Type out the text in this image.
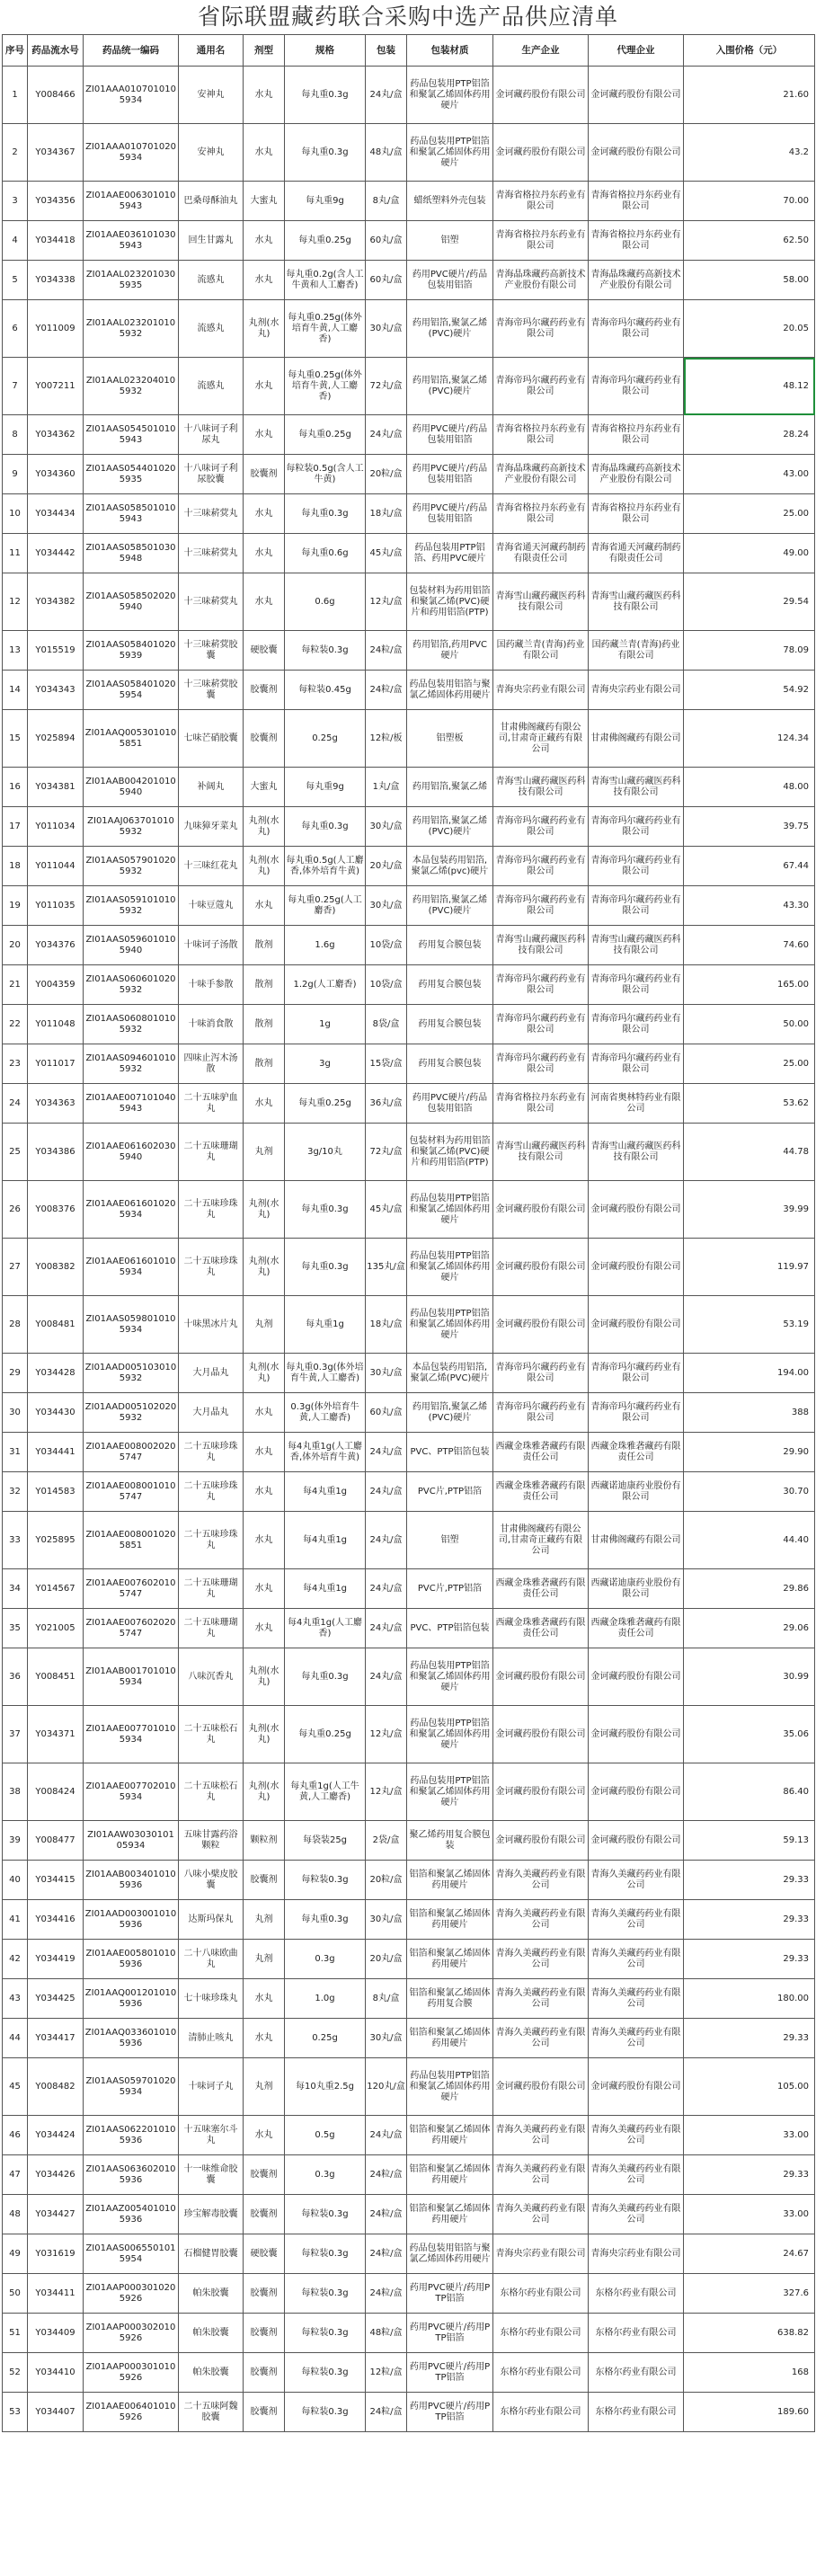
省际联盟藏药联合采购中选产品供应清单
序号	药品流水号	药品统一编码	通用名	剂型	规格	包装	包装材质	生产企业	代理企业	入围价格（元）
1	Y008466	ZI01AAA0107010105934	安神丸	水丸	每丸重0.3g	24丸/盒	药品包装用PTP铝箔和聚氯乙烯固体药用硬片	金诃藏药股份有限公司	金诃藏药股份有限公司	21.60
2	Y034367	ZI01AAA0107010205934	安神丸	水丸	每丸重0.3g	48丸/盒	药品包装用PTP铝箔和聚氯乙烯固体药用硬片	金诃藏药股份有限公司	金诃藏药股份有限公司	43.2
3	Y034356	ZI01AAE0063010105943	巴桑母酥油丸	大蜜丸	每丸重9g	8丸/盒	蜡纸塑料外壳包装	青海省格拉丹东药业有限公司	青海省格拉丹东药业有限公司	70.00
4	Y034418	ZI01AAE0361010305943	回生甘露丸	水丸	每丸重0.25g	60丸/盒	铝塑	青海省格拉丹东药业有限公司	青海省格拉丹东药业有限公司	62.50
5	Y034338	ZI01AAL0232010305935	流感丸	水丸	每丸重0.2g(含人工牛黄和人工麝香)	60丸/盒	药用PVC硬片/药品包装用铝箔	青海晶珠藏药高新技术产业股份有限公司	青海晶珠藏药高新技术产业股份有限公司	58.00
6	Y011009	ZI01AAL0232010105932	流感丸	丸剂(水丸)	每丸重0.25g(体外培育牛黄,人工麝香)	30丸/盒	药用铝箔,聚氯乙烯(PVC)硬片	青海帝玛尔藏药药业有限公司	青海帝玛尔藏药药业有限公司	20.05
7	Y007211	ZI01AAL0232040105932	流感丸	水丸	每丸重0.25g(体外培育牛黄,人工麝香)	72丸/盒	药用铝箔,聚氯乙烯(PVC)硬片	青海帝玛尔藏药药业有限公司	青海帝玛尔藏药药业有限公司	48.12
8	Y034362	ZI01AAS0545010105943	十八味诃子利尿丸	水丸	每丸重0.25g	24丸/盒	药用PVC硬片/药品包装用铝箔	青海省格拉丹东药业有限公司	青海省格拉丹东药业有限公司	28.24
9	Y034360	ZI01AAS0544010205935	十八味诃子利尿胶囊	胶囊剂	每粒装0.5g(含人工牛黄)	20粒/盒	药用PVC硬片/药品包装用铝箔	青海晶珠藏药高新技术产业股份有限公司	青海晶珠藏药高新技术产业股份有限公司	43.00
10	Y034434	ZI01AAS0585010105943	十三味菥蓂丸	水丸	每丸重0.3g	18丸/盒	药用PVC硬片/药品包装用铝箔	青海省格拉丹东药业有限公司	青海省格拉丹东药业有限公司	25.00
11	Y034442	ZI01AAS0585010305948	十三味菥蓂丸	水丸	每丸重0.6g	45丸/盒	药品包装用PTP铝箔、药用PVC硬片	青海省通天河藏药制药有限责任公司	青海省通天河藏药制药有限责任公司	49.00
12	Y034382	ZI01AAS0585020205940	十三味菥蓂丸	水丸	0.6g	12丸/盒	包装材料为药用铝箔和聚氯乙烯(PVC)硬片和药用铝箔(PTP)	青海雪山藏药藏医药科技有限公司	青海雪山藏药藏医药科技有限公司	29.54
13	Y015519	ZI01AAS0584010205939	十三味菥蓂胶囊	硬胶囊	每粒装0.3g	24粒/盒	药用铝箔,药用PVC硬片	国药藏兰青(青海)药业有限公司	国药藏兰青(青海)药业有限公司	78.09
14	Y034343	ZI01AAS0584010205954	十三味菥蓂胶囊	胶囊剂	每粒装0.45g	24粒/盒	药品包装用铝箔与聚氯乙烯固体药用硬片	青海央宗药业有限公司	青海央宗药业有限公司	54.92
15	Y025894	ZI01AAQ0053010105851	七味芒硝胶囊	胶囊剂	0.25g	12粒/板	铝塑板	甘肃佛阁藏药有限公司,甘肃奇正藏药有限公司	甘肃佛阁藏药有限公司	124.34
16	Y034381	ZI01AAB0042010105940	补阔丸	大蜜丸	每丸重9g	1丸/盒	药用铝箔,聚氯乙烯	青海雪山藏药藏医药科技有限公司	青海雪山藏药藏医药科技有限公司	48.00
17	Y011034	ZI01AAJ0637010105932	九味獐牙菜丸	丸剂(水丸)	每丸重0.3g	30丸/盒	药用铝箔,聚氯乙烯(PVC)硬片	青海帝玛尔藏药药业有限公司	青海帝玛尔藏药药业有限公司	39.75
18	Y011044	ZI01AAS0579010205932	十三味红花丸	丸剂(水丸)	每丸重0.5g(人工麝香,体外培育牛黄)	20丸/盒	本品包装药用铝箔,聚氯乙烯(pvc)硬片	青海帝玛尔藏药药业有限公司	青海帝玛尔藏药药业有限公司	67.44
19	Y011035	ZI01AAS0591010105932	十味豆蔻丸	水丸	每丸重0.25g(人工麝香)	30丸/盒	药用铝箔,聚氯乙烯(PVC)硬片	青海帝玛尔藏药药业有限公司	青海帝玛尔藏药药业有限公司	43.30
20	Y034376	ZI01AAS0596010105940	十味诃子汤散	散剂	1.6g	10袋/盒	药用复合膜包装	青海雪山藏药藏医药科技有限公司	青海雪山藏药藏医药科技有限公司	74.60
21	Y004359	ZI01AAS0606010205932	十味手参散	散剂	1.2g(人工麝香)	10袋/盒	药用复合膜包装	青海帝玛尔藏药药业有限公司	青海帝玛尔藏药药业有限公司	165.00
22	Y011048	ZI01AAS0608010105932	十味消食散	散剂	1g	8袋/盒	药用复合膜包装	青海帝玛尔藏药药业有限公司	青海帝玛尔藏药药业有限公司	50.00
23	Y011017	ZI01AAS0946010105932	四味止泻木汤散	散剂	3g	15袋/盒	药用复合膜包装	青海帝玛尔藏药药业有限公司	青海帝玛尔藏药药业有限公司	25.00
24	Y034363	ZI01AAE0071010405943	二十五味驴血丸	水丸	每丸重0.25g	36丸/盒	药用PVC硬片/药品包装用铝箔	青海省格拉丹东药业有限公司	河南省奥林特药业有限公司	53.62
25	Y034386	ZI01AAE0616020305940	二十五味珊瑚丸	丸剂	3g/10丸	72丸/盒	包装材料为药用铝箔和聚氯乙烯(PVC)硬片和药用铝箔(PTP)	青海雪山藏药藏医药科技有限公司	青海雪山藏药藏医药科技有限公司	44.78
26	Y008376	ZI01AAE0616010205934	二十五味珍珠丸	丸剂(水丸)	每丸重0.3g	45丸/盒	药品包装用PTP铝箔和聚氯乙烯固体药用硬片	金诃藏药股份有限公司	金诃藏药股份有限公司	39.99
27	Y008382	ZI01AAE0616010105934	二十五味珍珠丸	丸剂(水丸)	每丸重0.3g	135丸/盒	药品包装用PTP铝箔和聚氯乙烯固体药用硬片	金诃藏药股份有限公司	金诃藏药股份有限公司	119.97
28	Y008481	ZI01AAS0598010105934	十味黑冰片丸	丸剂	每丸重1g	18丸/盒	药品包装用PTP铝箔和聚氯乙烯固体药用硬片	金诃藏药股份有限公司	金诃藏药股份有限公司	53.19
29	Y034428	ZI01AAD0051030105932	大月晶丸	丸剂(水丸)	每丸重0.3g(体外培育牛黄,人工麝香)	30丸/盒	本品包装药用铝箔,聚氯乙烯(PVC)硬片	青海帝玛尔藏药药业有限公司	青海帝玛尔藏药药业有限公司	194.00
30	Y034430	ZI01AAD0051020205932	大月晶丸	水丸	0.3g(体外培育牛黄,人工麝香)	60丸/盒	药用铝箔,聚氯乙烯(PVC)硬片	青海帝玛尔藏药药业有限公司	青海帝玛尔藏药药业有限公司	388
31	Y034441	ZI01AAE0080020205747	二十五味珍珠丸	水丸	每4丸重1g(人工麝香,体外培育牛黄)	24丸/盒	PVC、PTP铝箔包装	西藏金珠雅砻藏药有限责任公司	西藏金珠雅砻藏药有限责任公司	29.90
32	Y014583	ZI01AAE0080010105747	二十五味珍珠丸	水丸	每4丸重1g	24丸/盒	PVC片,PTP铝箔	西藏金珠雅砻藏药有限责任公司	西藏诺迪康药业股份有限公司	30.70
33	Y025895	ZI01AAE0080010205851	二十五味珍珠丸	水丸	每4丸重1g	24丸/盒	铝塑	甘肃佛阁藏药有限公司,甘肃奇正藏药有限公司	甘肃佛阁藏药有限公司	44.40
34	Y014567	ZI01AAE0076020105747	二十五味珊瑚丸	水丸	每4丸重1g	24丸/盒	PVC片,PTP铝箔	西藏金珠雅砻藏药有限责任公司	西藏诺迪康药业股份有限公司	29.86
35	Y021005	ZI01AAE0076020205747	二十五味珊瑚丸	水丸	每4丸重1g(人工麝香)	24丸/盒	PVC、PTP铝箔包装	西藏金珠雅砻藏药有限责任公司	西藏金珠雅砻藏药有限责任公司	29.06
36	Y008451	ZI01AAB0017010105934	八味沉香丸	丸剂(水丸)	每丸重0.3g	24丸/盒	药品包装用PTP铝箔和聚氯乙烯固体药用硬片	金诃藏药股份有限公司	金诃藏药股份有限公司	30.99
37	Y034371	ZI01AAE0077010105934	二十五味松石丸	丸剂(水丸)	每丸重0.25g	12丸/盒	药品包装用PTP铝箔和聚氯乙烯固体药用硬片	金诃藏药股份有限公司	金诃藏药股份有限公司	35.06
38	Y008424	ZI01AAE0077020105934	二十五味松石丸	丸剂(水丸)	每丸重1g(人工牛黄,人工麝香)	12丸/盒	药品包装用PTP铝箔和聚氯乙烯固体药用硬片	金诃藏药股份有限公司	金诃藏药股份有限公司	86.40
39	Y008477	ZI01AAW0303010105934	五味甘露药浴颗粒	颗粒剂	每袋装25g	2袋/盒	聚乙烯药用复合膜包装	金诃藏药股份有限公司	金诃藏药股份有限公司	59.13
40	Y034415	ZI01AAB0034010105936	八味小檗皮胶囊	胶囊剂	每粒装0.3g	20粒/盒	铝箔和聚氯乙烯固体药用硬片	青海久美藏药药业有限公司	青海久美藏药药业有限公司	29.33
41	Y034416	ZI01AAD0030010105936	达斯玛保丸	丸剂	每丸重0.3g	30丸/盒	铝箔和聚氯乙烯固体药用硬片	青海久美藏药药业有限公司	青海久美藏药药业有限公司	29.33
42	Y034419	ZI01AAE0058010105936	二十八味欧曲丸	丸剂	0.3g	20丸/盒	铝箔和聚氯乙烯固体药用硬片	青海久美藏药药业有限公司	青海久美藏药药业有限公司	29.33
43	Y034425	ZI01AAQ0012010105936	七十味珍珠丸	水丸	1.0g	8丸/盒	铝箔和聚氯乙烯固体药用复合膜	青海久美藏药药业有限公司	青海久美藏药药业有限公司	180.00
44	Y034417	ZI01AAQ0336010105936	清肺止咳丸	水丸	0.25g	30丸/盒	铝箔和聚氯乙烯固体药用硬片	青海久美藏药药业有限公司	青海久美藏药药业有限公司	29.33
45	Y008482	ZI01AAS0597010205934	十味诃子丸	丸剂	每10丸重2.5g	120丸/盒	药品包装用PTP铝箔和聚氯乙烯固体药用硬片	金诃藏药股份有限公司	金诃藏药股份有限公司	105.00
46	Y034424	ZI01AAS0622010105936	十五味塞尔斗丸	水丸	0.5g	24丸/盒	铝箔和聚氯乙烯固体药用硬片	青海久美藏药药业有限公司	青海久美藏药药业有限公司	33.00
47	Y034426	ZI01AAS0636020105936	十一味维命胶囊	胶囊剂	0.3g	24粒/盒	铝箔和聚氯乙烯固体药用硬片	青海久美藏药药业有限公司	青海久美藏药药业有限公司	29.33
48	Y034427	ZI01AAZ0054010105936	珍宝解毒胶囊	胶囊剂	每粒装0.3g	24粒/盒	铝箔和聚氯乙烯固体药用硬片	青海久美藏药药业有限公司	青海久美藏药药业有限公司	33.00
49	Y031619	ZI01AAS0065501015954	石榴健胃胶囊	硬胶囊	每粒装0.3g	24粒/盒	药品包装用铝箔与聚氯乙烯固体药用硬片	青海央宗药业有限公司	青海央宗药业有限公司	24.67
50	Y034411	ZI01AAP0003010205926	帕朱胶囊	胶囊剂	每粒装0.3g	24粒/盒	药用PVC硬片/药用PTP铝箔	东格尔药业有限公司	东格尔药业有限公司	327.6
51	Y034409	ZI01AAP0003020105926	帕朱胶囊	胶囊剂	每粒装0.3g	48粒/盒	药用PVC硬片/药用PTP铝箔	东格尔药业有限公司	东格尔药业有限公司	638.82
52	Y034410	ZI01AAP0003010105926	帕朱胶囊	胶囊剂	每粒装0.3g	12粒/盒	药用PVC硬片/药用PTP铝箔	东格尔药业有限公司	东格尔药业有限公司	168
53	Y034407	ZI01AAE0064010105926	二十五味阿魏胶囊	胶囊剂	每粒装0.3g	24粒/盒	药用PVC硬片/药用PTP铝箔	东格尔药业有限公司	东格尔药业有限公司	189.60
